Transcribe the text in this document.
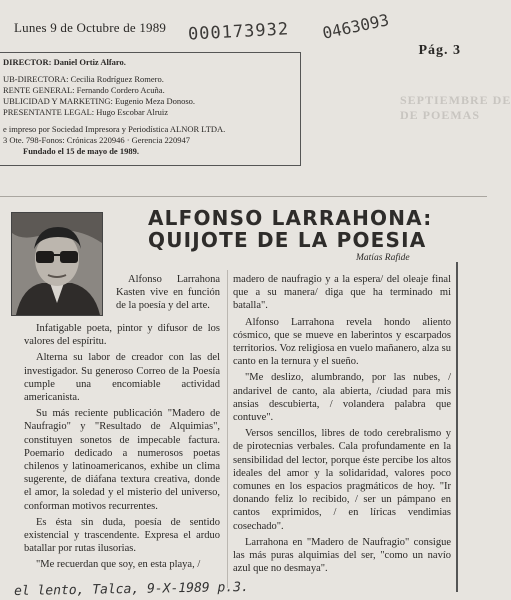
Lunes 9 de Octubre de 1989 000173932 0463093
Pág. 3
DIRECTOR: Daniel Ortiz Alfaro.
UB-DIRECTORA: Cecilia Rodríguez Romero.
RENTE GENERAL: Fernando Cordero Acuña.
UBLICIDAD Y MARKETING: Eugenio Meza Donoso.
PRESENTANTE LEGAL: Hugo Escobar Alruiz
e impreso por Sociedad Impresora y Periodística ALNOR LTDA.
3 Ote. 798-Fonos: Crónicas 220946 · Gerencia 220947
Fundado el 15 de mayo de 1989.
SEPTIEMBRE DE
DE POEMAS
ALFONSO LARRAHONA:
QUIJOTE DE LA POESIA
Matías Rafide

Alfonso Larrahona Kasten vive en función de la poesía y del arte.

Infatigable poeta, pintor y difusor de los valores del espíritu.

Alterna su labor de creador con las del investigador. Su generoso Correo de la Poesía cumple una encomiable actividad americanista.

Su más reciente publicación "Madero de Naufragio" y "Resultado de Alquimias", constituyen sonetos de impecable factura. Poemario dedicado a numerosos poetas chilenos y latinoamericanos, exhibe un clima sugerente, de diáfana textura creativa, donde el amor, la soledad y el misterio del universo, conforman motivos recurrentes.

Es ésta sin duda, poesía de sentido existencial y trascendente. Expresa el arduo batallar por rutas ilusorias.

"Me recuerdan que soy, en esta playa, /

madero de naufragio y a la espera/ del oleaje final que a su manera/ diga que ha terminado mi batalla".

Alfonso Larrahona revela hondo aliento cósmico, que se mueve en laberintos y escarpados territorios. Voz religiosa en vuelo mañanero, alza su canto en la ternura y el sueño.

"Me deslizo, alumbrando, por las nubes, / andarivel de canto, ala abierta, /ciudad para mis ansias descubierta, / volandera palabra que contuve".

Versos sencillos, libres de todo cerebralismo y de pirotecnias verbales. Cala profundamente en la sensibilidad del lector, porque éste percibe los altos ideales del amor y la solidaridad, valores poco comunes en los espacios pragmáticos de hoy. "Ir donando feliz lo recibido, / ser un pámpano en cantos exprimidos, / en líricas vendimias cosechado".

Larrahona en "Madero de Naufragio" consigue las más puras alquimias del ser, "como un navío azul que no desmaya".

el lento, Talca, 9-X-1989 p.3.
